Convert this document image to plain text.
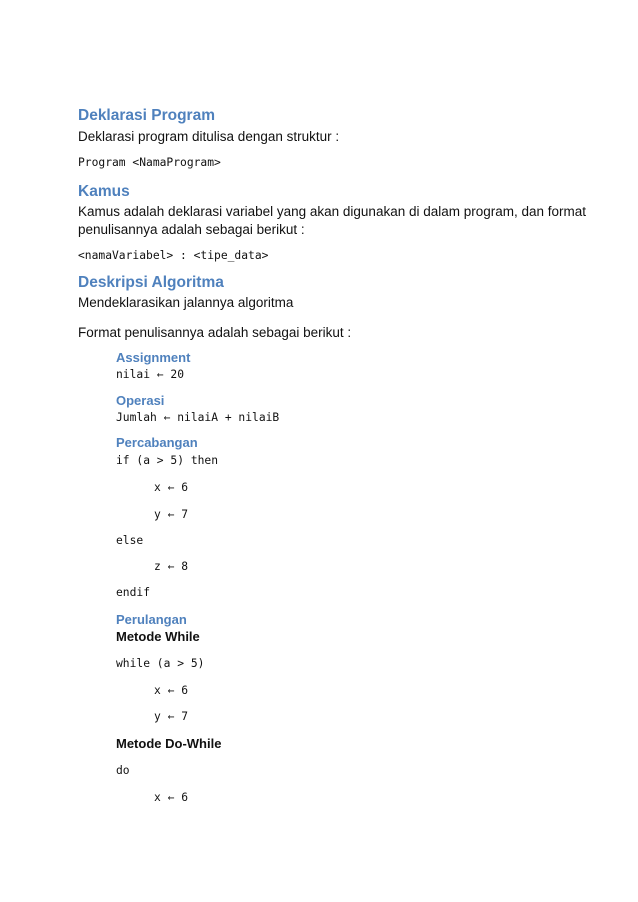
Deklarasi Program
Deklarasi program ditulisa dengan struktur :
Program <NamaProgram>
Kamus
Kamus adalah deklarasi variabel yang akan digunakan di dalam program, dan format
penulisannya adalah sebagai berikut :
<namaVariabel> : <tipe_data>
Deskripsi Algoritma
Mendeklarasikan jalannya algoritma
Format penulisannya adalah sebagai berikut :
Assignment
nilai ← 20
Operasi
Jumlah ← nilaiA + nilaiB
Percabangan
if (a > 5) then
x ← 6
y ← 7
else
z ← 8
endif
Perulangan
Metode While
while (a > 5)
x ← 6
y ← 7
Metode Do-While
do
x ← 6
